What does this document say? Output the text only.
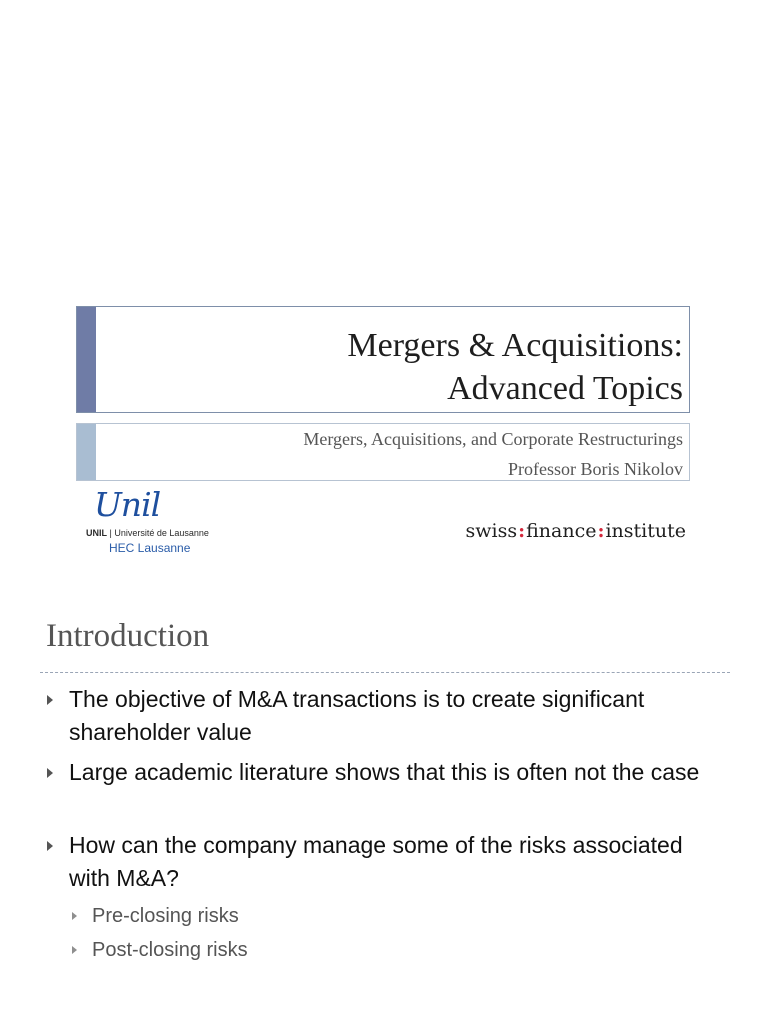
Mergers & Acquisitions:
Advanced Topics
Mergers, Acquisitions, and Corporate Restructurings
Professor Boris Nikolov
Unil
UNIL | Université de Lausanne
HEC Lausanne
swiss:finance:institute
Introduction
The objective of M&A transactions is to create significant shareholder value
Large academic literature shows that this is often not the case
How can the company manage some of the risks associated with M&A?
Pre-closing risks
Post-closing risks
